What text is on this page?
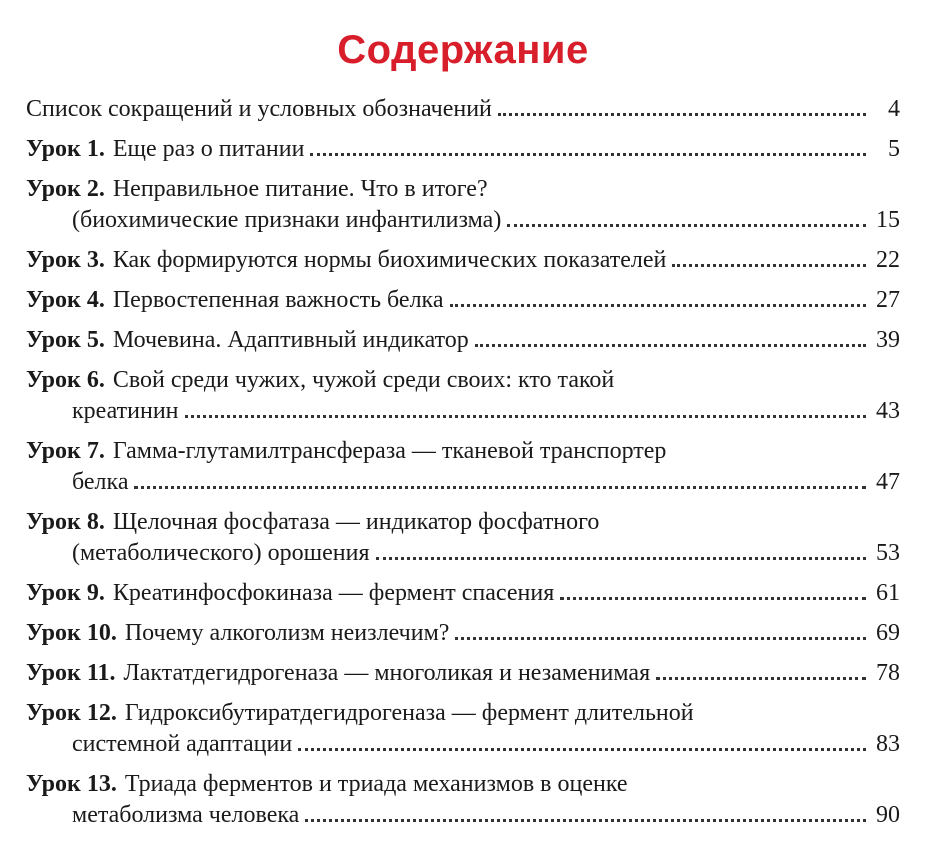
Содержание
Список сокращений и условных обозначений	4
Урок 1. Еще раз о питании	5
Урок 2. Неправильное питание. Что в итоге?
(биохимические признаки инфантилизма)	15
Урок 3. Как формируются нормы биохимических показателей	22
Урок 4. Первостепенная важность белка	27
Урок 5. Мочевина. Адаптивный индикатор	39
Урок 6. Свой среди чужих, чужой среди своих: кто такой
креатинин	43
Урок 7. Гамма-глутамилтрансфераза — тканевой транспортер
белка	47
Урок 8. Щелочная фосфатаза — индикатор фосфатного
(метаболического) орошения	53
Урок 9. Креатинфосфокиназа — фермент спасения	61
Урок 10. Почему алкоголизм неизлечим?	69
Урок 11. Лактатдегидрогеназа — многоликая и незаменимая	78
Урок 12. Гидроксибутиратдегидрогеназа — фермент длительной
системной адаптации	83
Урок 13. Триада ферментов и триада механизмов в оценке
метаболизма человека	90
